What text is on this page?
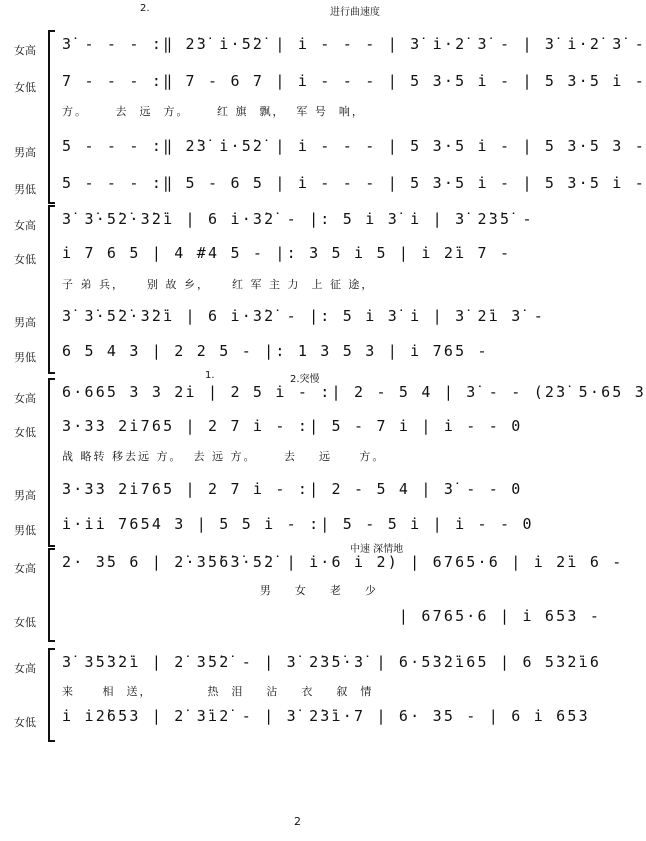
2.	进行曲速度
女高	3̇ - - - :‖ 2̇3̇ i̇·5̇2̇ | i̇ - - - | 3̇ i̇·2̇ 3̇ - | 3̇ i̇·2̇ 3̇ -
女低	7 - - - :‖ 7 - 6 7 | i̇ - - - | 5 3·5 i̇ - | 5 3·5 i̇ -
方。     去  远  方。     红 旗  飘，  军 号  响，
男高	5 - - - :‖ 2̇3̇ i̇·5̇2̇ | i̇ - - - | 5 3·5 i̇ - | 5 3·5 3 -
男低	5 - - - :‖ 5 - 6 5 | i̇ - - - | 5 3·5 i̇ - | 5 3·5 i̇ -
女高	3̇ 3̇·5̇2̇·3̇2̇i̇ | 6 i̇·3̇2̇ - |: 5 i̇ 3̇ i̇ | 3̇ 2̇3̇5̇ -
女低	i̇ 7 6 5 | 4 #4 5 - |: 3 5 i̇ 5 | i̇ 2̇i̇ 7 -
子 弟 兵，    别 故 乡，    红 军 主 力  上 征 途，
男高	3̇ 3̇·5̇2̇·3̇2̇i̇ | 6 i̇·3̇2̇ - |: 5 i̇ 3̇ i̇ | 3̇ 2̇i̇ 3̇ -
男低	6 5 4 3 | 2 2 5 - |: 1 3 5 3 | i̇ 765 -
1.	2.突慢
女高	6·665 3 3 2i̇ | 2 5 i̇ - :| 2 - 5 4 | 3̇ - - (2̇3̇ 5·65 3
女低	3·33 2i̇765 | 2 7 i̇ - :| 5 - 7 i̇ | i̇ - - 0
战 略转 移去远 方。  去 远 方。     去    远     方。
男高	3·33 2i̇765 | 2 7 i̇ - :| 2 - 5 4 | 3̇ - - 0
男低	i̇·i̇i̇ 7654 3 | 5 5 i̇ - :| 5 - 5 i̇ | i̇ - - 0
中速 深情地
女高	2· 3̇5 6 | 2̇·3̇5̇6̇3̇·5̇2̇ | i̇·6 i̇ 2) | 6765·6 | i̇ 2̇i̇ 6 -
男    女    老    少
女低	| 6765·6 | i̇ 653 -
女高	3̇ 3̇5̇3̇2̇i̇ | 2̇ 3̇5̇2̇ - | 3̇ 2̇3̇5̇·3̇ | 6·5̇3̇2̇i̇65 | 6 5̇3̇2̇i̇6
来     相  送，          热  泪    沾    衣    叙  情
女低	i̇ i̇2̇653 | 2̇ 3̇i̇2̇ - | 3̇ 2̇3̇i̇·7 | 6· 35 - | 6 i̇ 653
2
